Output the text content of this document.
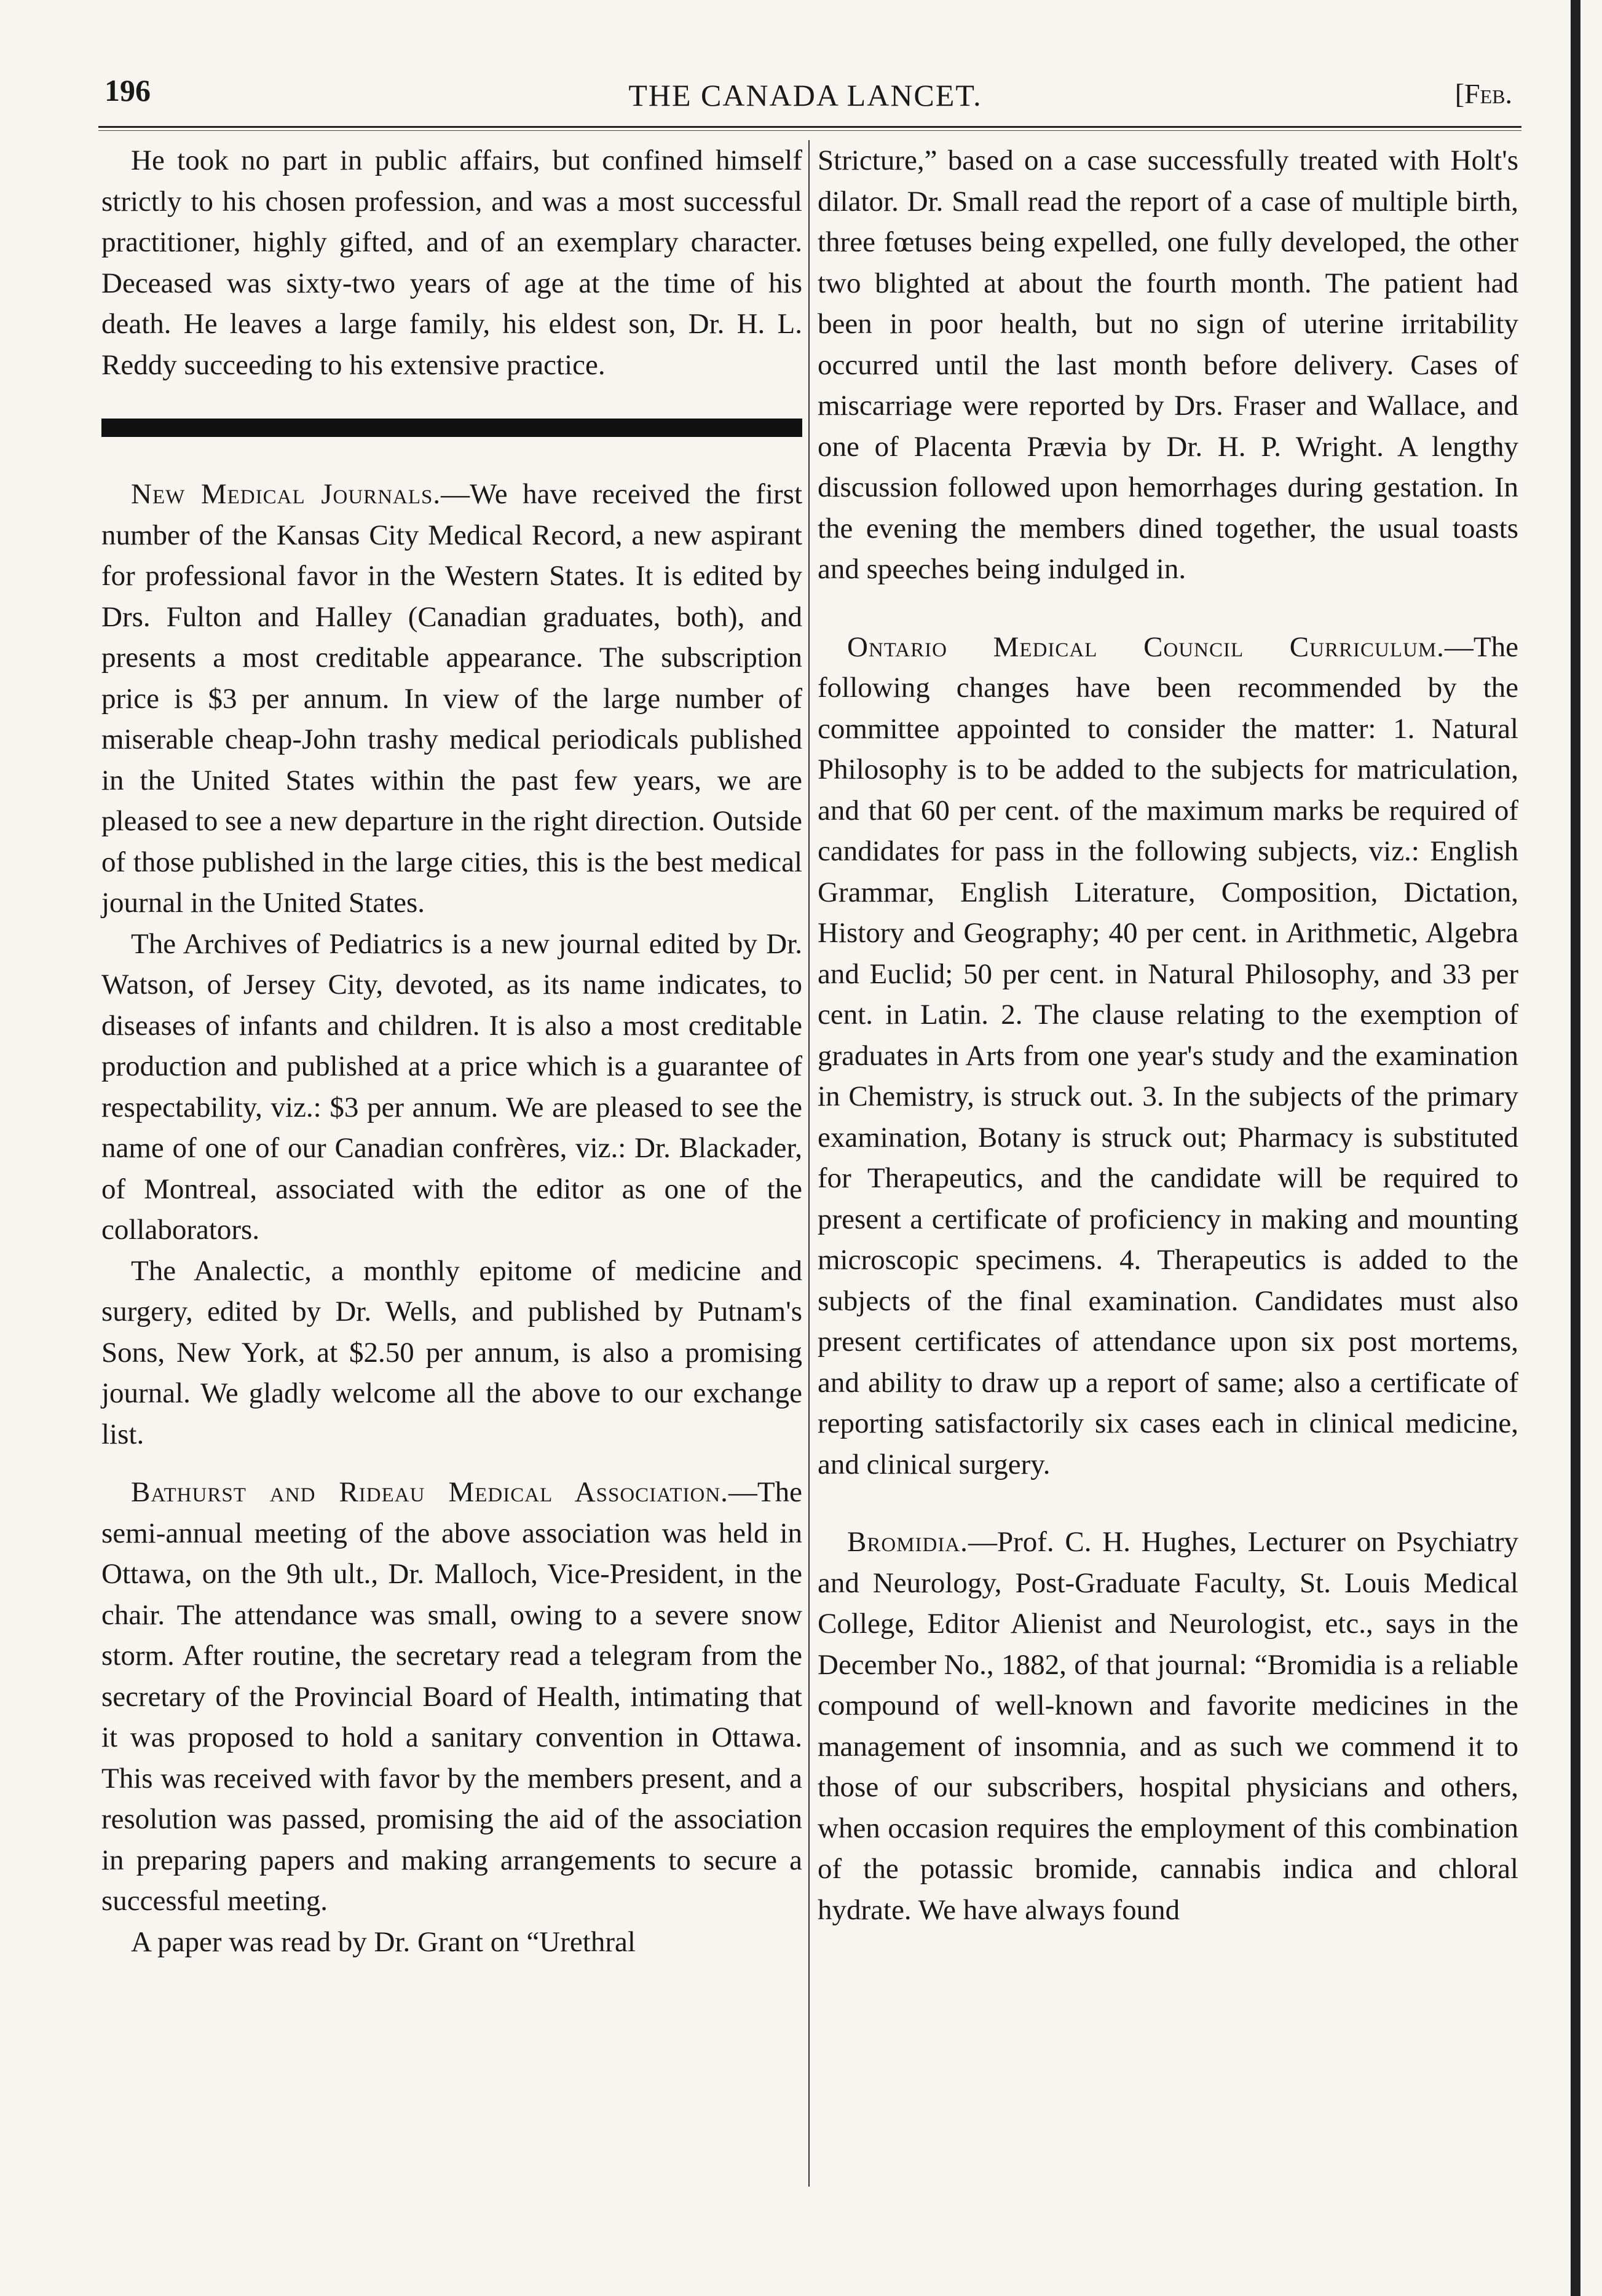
196	THE CANADA LANCET.	[Feb.

He took no part in public affairs, but confined himself strictly to his chosen profession, and was a most successful practitioner, highly gifted, and of an exemplary character. Deceased was sixty-two years of age at the time of his death. He leaves a large family, his eldest son, Dr. H. L. Reddy succeeding to his extensive practice.

New Medical Journals.—We have received the first number of the Kansas City Medical Record, a new aspirant for professional favor in the Western States. It is edited by Drs. Fulton and Halley (Canadian graduates, both), and presents a most creditable appearance. The subscription price is $3 per annum. In view of the large number of miserable cheap-John trashy medical periodicals published in the United States within the past few years, we are pleased to see a new departure in the right direction. Outside of those published in the large cities, this is the best medical journal in the United States.

The Archives of Pediatrics is a new journal edited by Dr. Watson, of Jersey City, devoted, as its name indicates, to diseases of infants and children. It is also a most creditable production and published at a price which is a guarantee of respectability, viz.: $3 per annum. We are pleased to see the name of one of our Canadian confrères, viz.: Dr. Blackader, of Montreal, associated with the editor as one of the collaborators.

The Analectic, a monthly epitome of medicine and surgery, edited by Dr. Wells, and published by Putnam's Sons, New York, at $2.50 per annum, is also a promising journal. We gladly welcome all the above to our exchange list.

Bathurst and Rideau Medical Association.—The semi-annual meeting of the above association was held in Ottawa, on the 9th ult., Dr. Malloch, Vice-President, in the chair. The attendance was small, owing to a severe snow storm. After routine, the secretary read a telegram from the secretary of the Provincial Board of Health, intimating that it was proposed to hold a sanitary convention in Ottawa. This was received with favor by the members present, and a resolution was passed, promising the aid of the association in preparing papers and making arrangements to secure a successful meeting.

A paper was read by Dr. Grant on “Urethral

Stricture,” based on a case successfully treated with Holt's dilator. Dr. Small read the report of a case of multiple birth, three fœtuses being expelled, one fully developed, the other two blighted at about the fourth month. The patient had been in poor health, but no sign of uterine irritability occurred until the last month before delivery. Cases of miscarriage were reported by Drs. Fraser and Wallace, and one of Placenta Prævia by Dr. H. P. Wright. A lengthy discussion followed upon hemorrhages during gestation. In the evening the members dined together, the usual toasts and speeches being indulged in.

Ontario Medical Council Curriculum.—The following changes have been recommended by the committee appointed to consider the matter: 1. Natural Philosophy is to be added to the subjects for matriculation, and that 60 per cent. of the maximum marks be required of candidates for pass in the following subjects, viz.: English Grammar, English Literature, Composition, Dictation, History and Geography; 40 per cent. in Arithmetic, Algebra and Euclid; 50 per cent. in Natural Philosophy, and 33 per cent. in Latin. 2. The clause relating to the exemption of graduates in Arts from one year's study and the examination in Chemistry, is struck out. 3. In the subjects of the primary examination, Botany is struck out; Pharmacy is substituted for Therapeutics, and the candidate will be required to present a certificate of proficiency in making and mounting microscopic specimens. 4. Therapeutics is added to the subjects of the final examination. Candidates must also present certificates of attendance upon six post mortems, and ability to draw up a report of same; also a certificate of reporting satisfactorily six cases each in clinical medicine, and clinical surgery.

Bromidia.—Prof. C. H. Hughes, Lecturer on Psychiatry and Neurology, Post-Graduate Faculty, St. Louis Medical College, Editor Alienist and Neurologist, etc., says in the December No., 1882, of that journal: “Bromidia is a reliable compound of well-known and favorite medicines in the management of insomnia, and as such we commend it to those of our subscribers, hospital physicians and others, when occasion requires the employment of this combination of the potassic bromide, cannabis indica and chloral hydrate. We have always found
